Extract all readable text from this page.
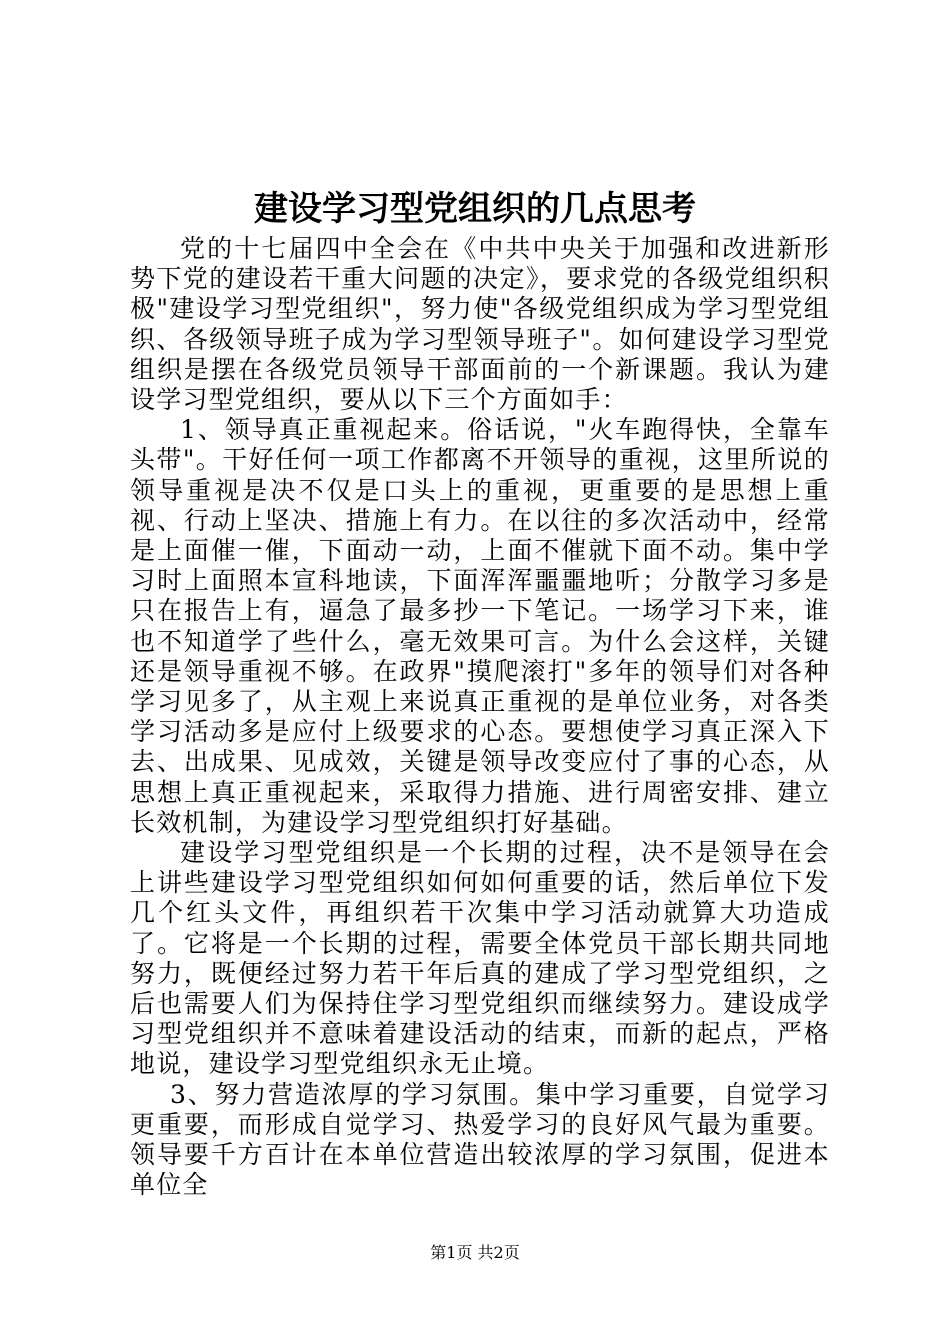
建设学习型党组织的几点思考

党的十七届四中全会在《中共中央关于加强和改进新形势下党的建设若干重大问题的决定》，要求党的各级党组织积极"建设学习型党组织"，努力使"各级党组织成为学习型党组织、各级领导班子成为学习型领导班子"。如何建设学习型党组织是摆在各级党员领导干部面前的一个新课题。我认为建设学习型党组织，要从以下三个方面如手：

1、领导真正重视起来。俗话说，"火车跑得快，全靠车头带"。干好任何一项工作都离不开领导的重视，这里所说的领导重视是决不仅是口头上的重视，更重要的是思想上重视、行动上坚决、措施上有力。在以往的多次活动中，经常是上面催一催，下面动一动，上面不催就下面不动。集中学习时上面照本宣科地读，下面浑浑噩噩地听；分散学习多是只在报告上有，逼急了最多抄一下笔记。一场学习下来，谁也不知道学了些什么，毫无效果可言。为什么会这样，关键还是领导重视不够。在政界"摸爬滚打"多年的领导们对各种学习见多了，从主观上来说真正重视的是单位业务，对各类学习活动多是应付上级要求的心态。要想使学习真正深入下去、出成果、见成效，关键是领导改变应付了事的心态，从思想上真正重视起来，采取得力措施、进行周密安排、建立长效机制，为建设学习型党组织打好基础。

建设学习型党组织是一个长期的过程，决不是领导在会上讲些建设学习型党组织如何如何重要的话，然后单位下发几个红头文件，再组织若干次集中学习活动就算大功造成了。它将是一个长期的过程，需要全体党员干部长期共同地努力，既便经过努力若干年后真的建成了学习型党组织，之后也需要人们为保持住学习型党组织而继续努力。建设成学习型党组织并不意味着建设活动的结束，而新的起点，严格地说，建设学习型党组织永无止境。

3、努力营造浓厚的学习氛围。集中学习重要，自觉学习更重要，而形成自觉学习、热爱学习的良好风气最为重要。领导要千方百计在本单位营造出较浓厚的学习氛围，促进本单位全

第1页 共2页
